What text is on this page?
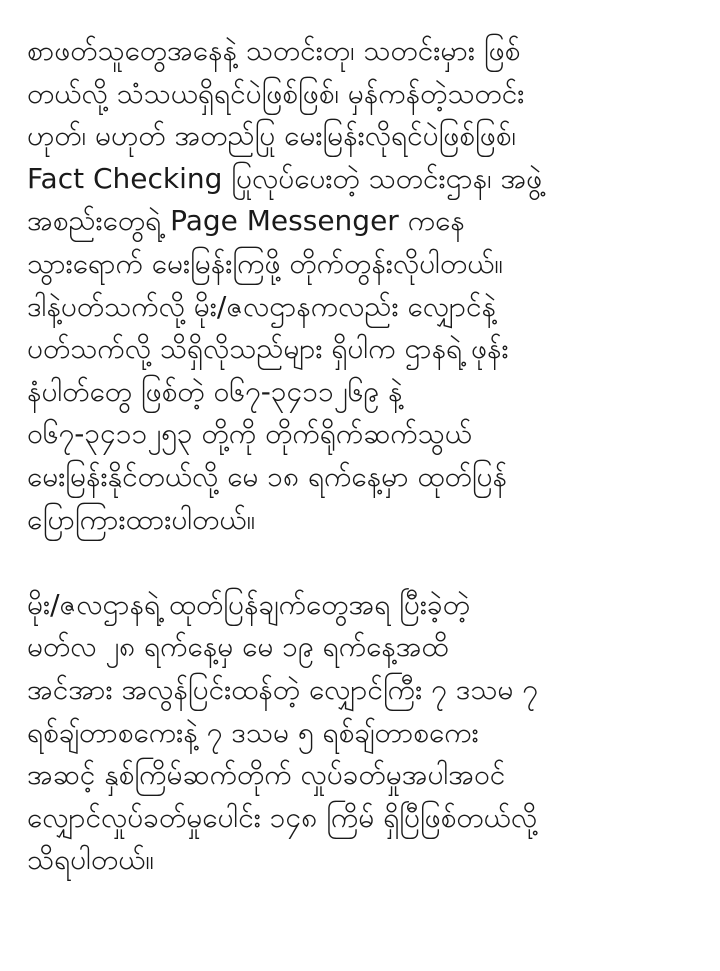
စာဖတ်သူတွေအနေနဲ့ သတင်းတု၊ သတင်းမှား ဖြစ်
တယ်လို့ သံသယရှိရင်ပဲဖြစ်ဖြစ်၊ မှန်ကန်တဲ့သတင်း
ဟုတ်၊ မဟုတ် အတည်ပြု မေးမြန်းလိုရင်ပဲဖြစ်ဖြစ်၊
Fact Checking ပြုလုပ်ပေးတဲ့ သတင်းဌာန၊ အဖွဲ့
အစည်းတွေရဲ့ Page Messenger ကနေ
သွားရောက် မေးမြန်းကြဖို့ တိုက်တွန်းလိုပါတယ်။
ဒါနဲ့ပတ်သက်လို့ မိုး/ဇလဌာနကလည်း လျှောင်နဲ့
ပတ်သက်လို့ သိရှိလိုသည်များ ရှိပါက ဌာနရဲ့ ဖုန်း
နံပါတ်တွေ ဖြစ်တဲ့ ၀၆၇-၃၄၁၁၂၆၉ နဲ့
၀၆၇-၃၄၁၁၂၅၃ တို့ကို တိုက်ရိုက်ဆက်သွယ်
မေးမြန်းနိုင်တယ်လို့ မေ ၁၈ ရက်နေ့မှာ ထုတ်ပြန်
ပြောကြားထားပါတယ်။

မိုး/ဇလဌာနရဲ့ ထုတ်ပြန်ချက်တွေအရ ပြီးခဲ့တဲ့
မတ်လ ၂၈ ရက်နေ့မှ မေ ၁၉ ရက်နေ့အထိ
အင်အား အလွန်ပြင်းထန်တဲ့ လျှောင်ကြီး ၇ ဒသမ ၇
ရစ်ချ်တာစကေးနဲ့ ၇ ဒသမ ၅ ရစ်ချ်တာစကေး
အဆင့် နှစ်ကြိမ်ဆက်တိုက် လှုပ်ခတ်မှုအပါအဝင်
လျှောင်လှုပ်ခတ်မှုပေါင်း ၁၄၈ ကြိမ် ရှိပြီဖြစ်တယ်လို့
သိရပါတယ်။
